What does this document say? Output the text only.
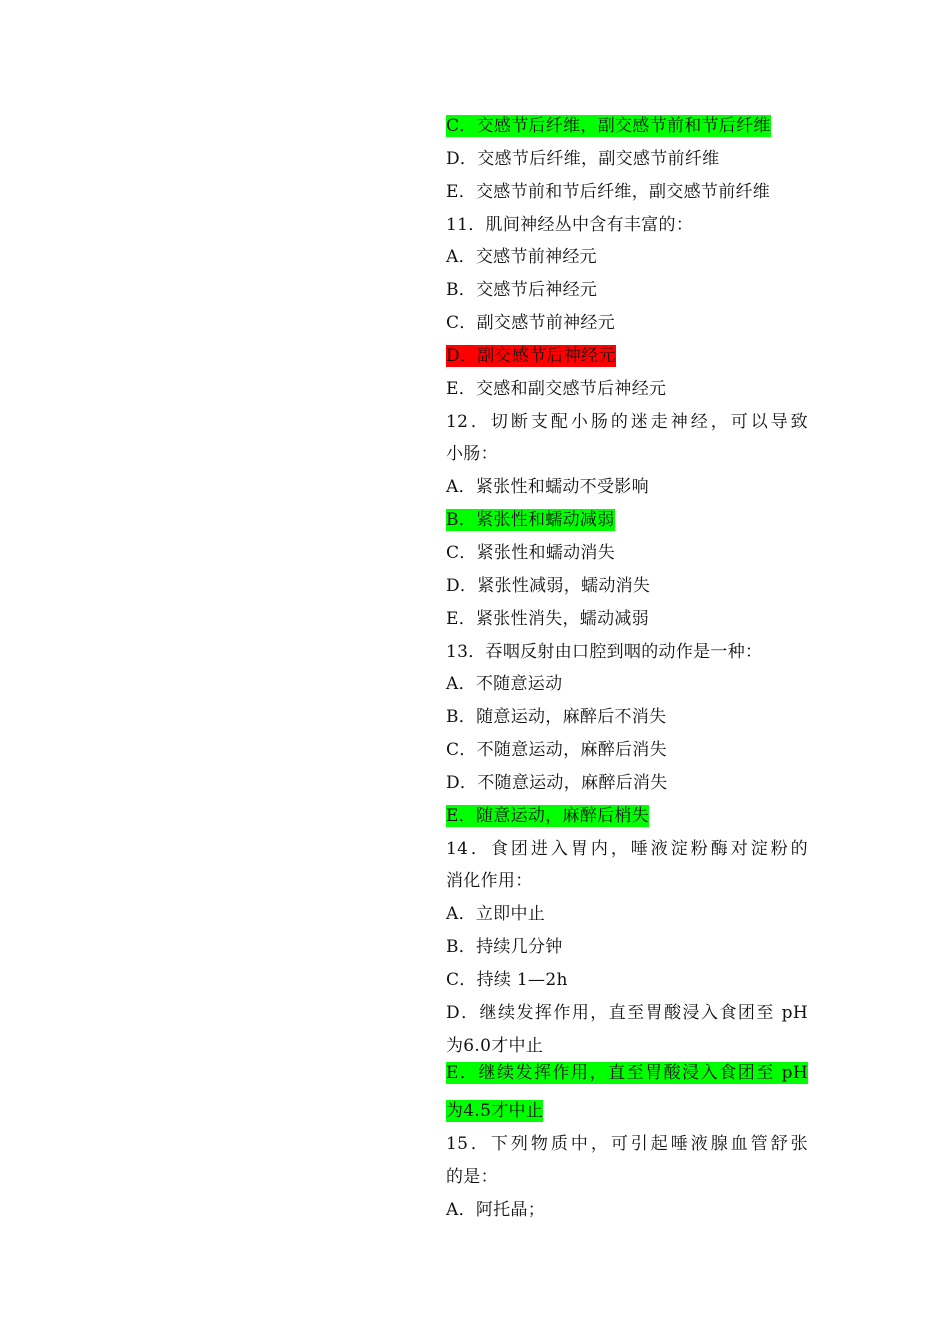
C．交感节后纤维，副交感节前和节后纤维
D．交感节后纤维，副交感节前纤维
E．交感节前和节后纤维，副交感节前纤维
11．肌间神经丛中含有丰富的：
A．交感节前神经元
B．交感节后神经元
C．副交感节前神经元
D．副交感节后神经元
E．交感和副交感节后神经元
12．切断支配小肠的迷走神经，可以导致
小肠：
A．紧张性和蠕动不受影响
B．紧张性和蠕动减弱
C．紧张性和蠕动消失
D．紧张性减弱，蠕动消失
E．紧张性消失，蠕动减弱
13．吞咽反射由口腔到咽的动作是一种：
A．不随意运动
B．随意运动，麻醉后不消失
C．不随意运动，麻醉后消失
D．不随意运动，麻醉后消失
E．随意运动，麻醉后梢失
14．食团进入胃内，唾液淀粉酶对淀粉的
消化作用：
A．立即中止
B．持续几分钟
C．持续 1—2h
D．继续发挥作用，直至胃酸浸入食团至 pH
为6.0才中止
E．继续发挥作用，直至胃酸浸入食团至 pH
为4.5才中止
15．下列物质中，可引起唾液腺血管舒张
的是：
A．阿托晶；
